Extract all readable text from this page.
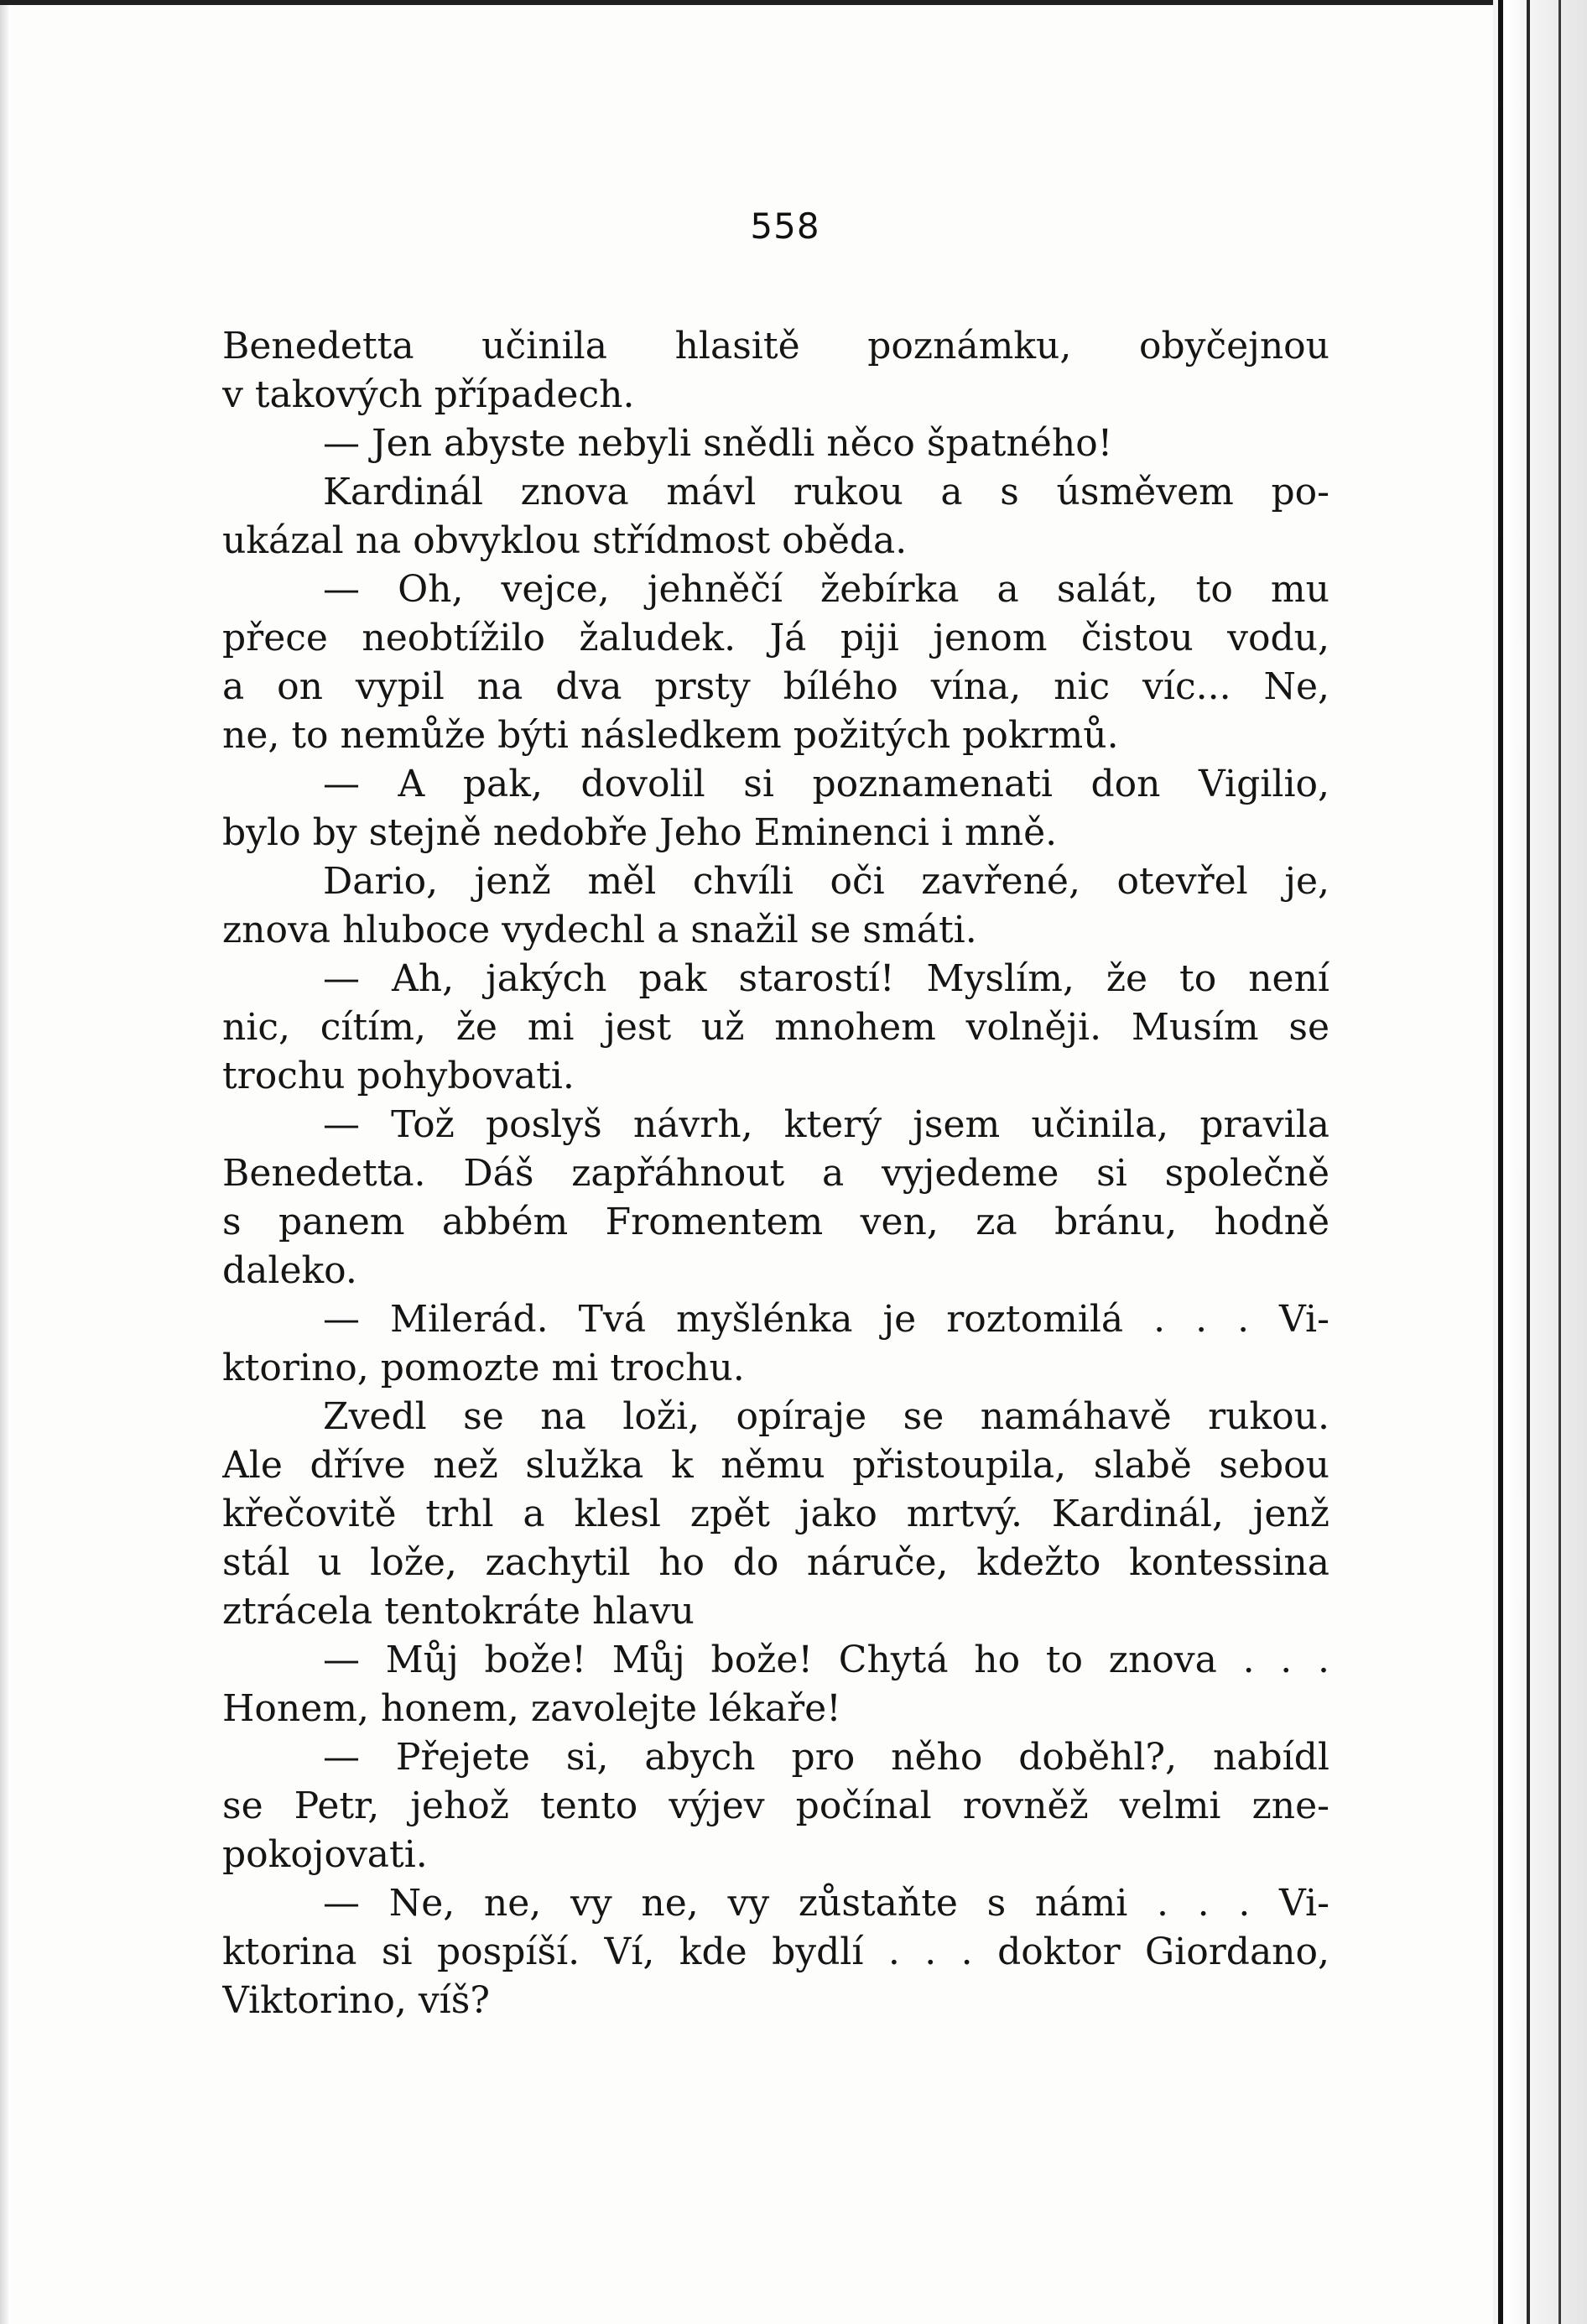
558
Benedetta učinila hlasitě poznámku, obyčejnou
v takových případech.
— Jen abyste nebyli snědli něco špatného!
Kardinál znova mávl rukou a s úsměvem po-
ukázal na obvyklou střídmost oběda.
— Oh, vejce, jehněčí žebírka a salát, to mu
přece neobtížilo žaludek. Já piji jenom čistou vodu,
a on vypil na dva prsty bílého vína, nic víc... Ne,
ne, to nemůže býti následkem požitých pokrmů.
— A pak, dovolil si poznamenati don Vigilio,
bylo by stejně nedobře Jeho Eminenci i mně.
Dario, jenž měl chvíli oči zavřené, otevřel je,
znova hluboce vydechl a snažil se smáti.
— Ah, jakých pak starostí! Myslím, že to není
nic, cítím, že mi jest už mnohem volněji. Musím se
trochu pohybovati.
— Tož poslyš návrh, který jsem učinila, pravila
Benedetta. Dáš zapřáhnout a vyjedeme si společně
s panem abbém Fromentem ven, za bránu, hodně
daleko.
— Milerád. Tvá myšlénka je roztomilá . . . Vi-
ktorino, pomozte mi trochu.
Zvedl se na loži, opíraje se namáhavě rukou.
Ale dříve než služka k němu přistoupila, slabě sebou
křečovitě trhl a klesl zpět jako mrtvý. Kardinál, jenž
stál u lože, zachytil ho do náruče, kdežto kontessina
ztrácela tentokráte hlavu
— Můj bože! Můj bože! Chytá ho to znova . . .
Honem, honem, zavolejte lékaře!
— Přejete si, abych pro něho doběhl?, nabídl
se Petr, jehož tento výjev počínal rovněž velmi zne-
pokojovati.
— Ne, ne, vy ne, vy zůstaňte s námi . . . Vi-
ktorina si pospíší. Ví, kde bydlí . . . doktor Giordano,
Viktorino, víš?
